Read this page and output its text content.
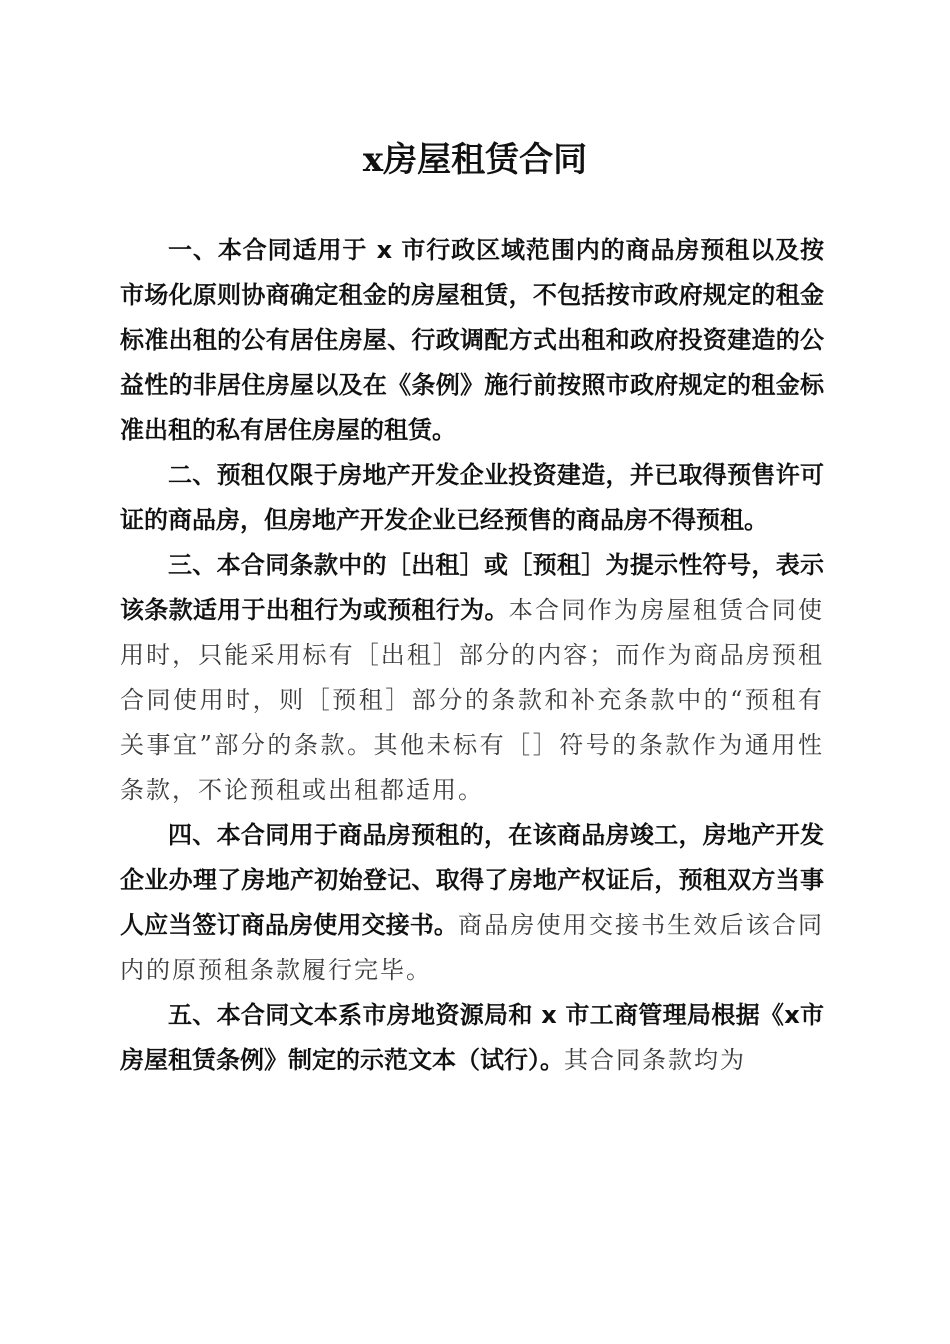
x房屋租赁合同

一、本合同适用于 x 市行政区域范围内的商品房预租以及按市场化原则协商确定租金的房屋租赁，不包括按市政府规定的租金标准出租的公有居住房屋、行政调配方式出租和政府投资建造的公益性的非居住房屋以及在《条例》施行前按照市政府规定的租金标准出租的私有居住房屋的租赁。

二、预租仅限于房地产开发企业投资建造，并已取得预售许可证的商品房，但房地产开发企业已经预售的商品房不得预租。

三、本合同条款中的［出租］或［预租］为提示性符号，表示该条款适用于出租行为或预租行为。本合同作为房屋租赁合同使用时，只能采用标有［出租］部分的内容；而作为商品房预租合同使用时，则［预租］部分的条款和补充条款中的“预租有关事宜”部分的条款。其他未标有［］符号的条款作为通用性条款，不论预租或出租都适用。

四、本合同用于商品房预租的，在该商品房竣工，房地产开发企业办理了房地产初始登记、取得了房地产权证后，预租双方当事人应当签订商品房使用交接书。商品房使用交接书生效后该合同内的原预租条款履行完毕。

五、本合同文本系市房地资源局和 x 市工商管理局根据《x市房屋租赁条例》制定的示范文本（试行）。其合同条款均为
